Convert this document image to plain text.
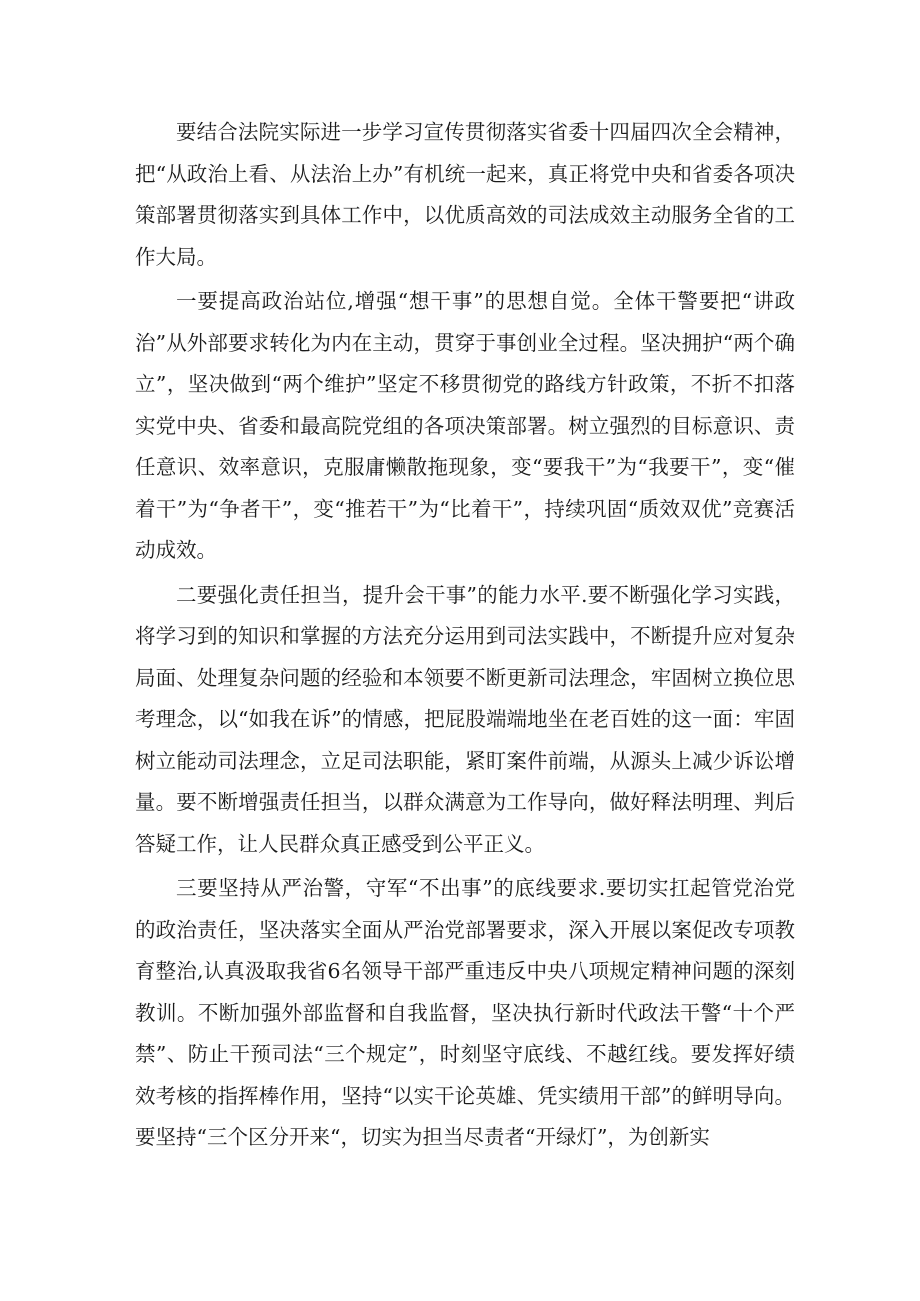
要结合法院实际进一步学习宣传贯彻落实省委十四届四次全会精神，把“从政治上看、从法治上办”有机统一起来，真正将党中央和省委各项决策部署贯彻落实到具体工作中，以优质高效的司法成效主动服务全省的工作大局。

一要提高政治站位,增强“想干事”的思想自觉。全体干警要把“讲政治”从外部要求转化为内在主动，贯穿于事创业全过程。坚决拥护“两个确立”，坚决做到“两个维护”坚定不移贯彻党的路线方针政策，不折不扣落实党中央、省委和最高院党组的各项决策部署。树立强烈的目标意识、责任意识、效率意识，克服庸懒散拖现象，变“要我干”为“我要干”，变“催着干”为“争者干”，变“推若干”为“比着干”，持续巩固“质效双优”竞赛活动成效。

二要强化责任担当，提升会干事”的能力水平.要不断强化学习实践，将学习到的知识和掌握的方法充分运用到司法实践中，不断提升应对复杂局面、处理复杂问题的经验和本领要不断更新司法理念，牢固树立换位思考理念，以“如我在诉”的情感，把屁股端端地坐在老百姓的这一面：牢固树立能动司法理念，立足司法职能，紧盯案件前端，从源头上减少诉讼增量。要不断增强责任担当，以群众满意为工作导向，做好释法明理、判后答疑工作，让人民群众真正感受到公平正义。

三要坚持从严治警，守军“不出事”的底线要求.要切实扛起管党治党的政治责任，坚决落实全面从严治党部署要求，深入开展以案促改专项教育整治,认真汲取我省6名领导干部严重违反中央八项规定精神问题的深刻教训。不断加强外部监督和自我监督，坚决执行新时代政法干警“十个严禁”、防止干预司法“三个规定”，时刻坚守底线、不越红线。要发挥好绩效考核的指挥棒作用，坚持“以实干论英雄、凭实绩用干部”的鲜明导向。要坚持“三个区分开来“，切实为担当尽责者“开绿灯”，为创新实
